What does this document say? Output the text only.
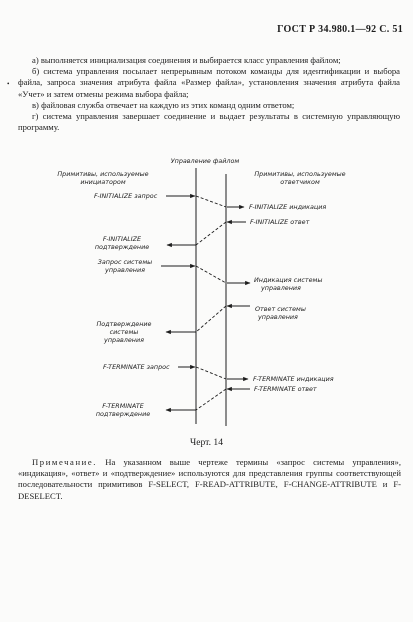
ГОСТ Р 34.980.1—92 С. 51
•

а) выполняется инициализация соединения и выбирается класс управления файлом;

б) система управления посылает непрерывным потоком команды для идентификации и выбора файла, запроса значения атрибута файла «Размер файла», установления значения атрибута файла «Учет» и затем отмены режима выбора файла;

в) файловая служба отвечает на каждую из этих команд одним ответом;

г) система управления завершает соединение и выдает результаты в системную управляющую программу.

Управление файлом
Примитивы, используемые
инициатором
Примитивы, используемые
ответчиком
F-INITIALIZE запрос
F-INITIALIZE
подтверждение
Запрос системы
управления
Подтверждение
системы
управления
F-TERMINATE запрос
F-TERMINATE
подтверждение
F-INITIALIZE индикация
F-INITIALIZE ответ
Индикация системы
управления
Ответ системы
управления
F-TERMINATE индикация
F-TERMINATE ответ
Черт. 14
Примечание. На указанном выше чертеже термины «запрос системы управления», «индикация», «ответ» и «подтверждение» используются для представления группы соответствующей последовательности примитивов F-SELECT, F-READ-ATTRIBUTE, F-CHANGE-ATTRIBUTE и F-DESELECT.
